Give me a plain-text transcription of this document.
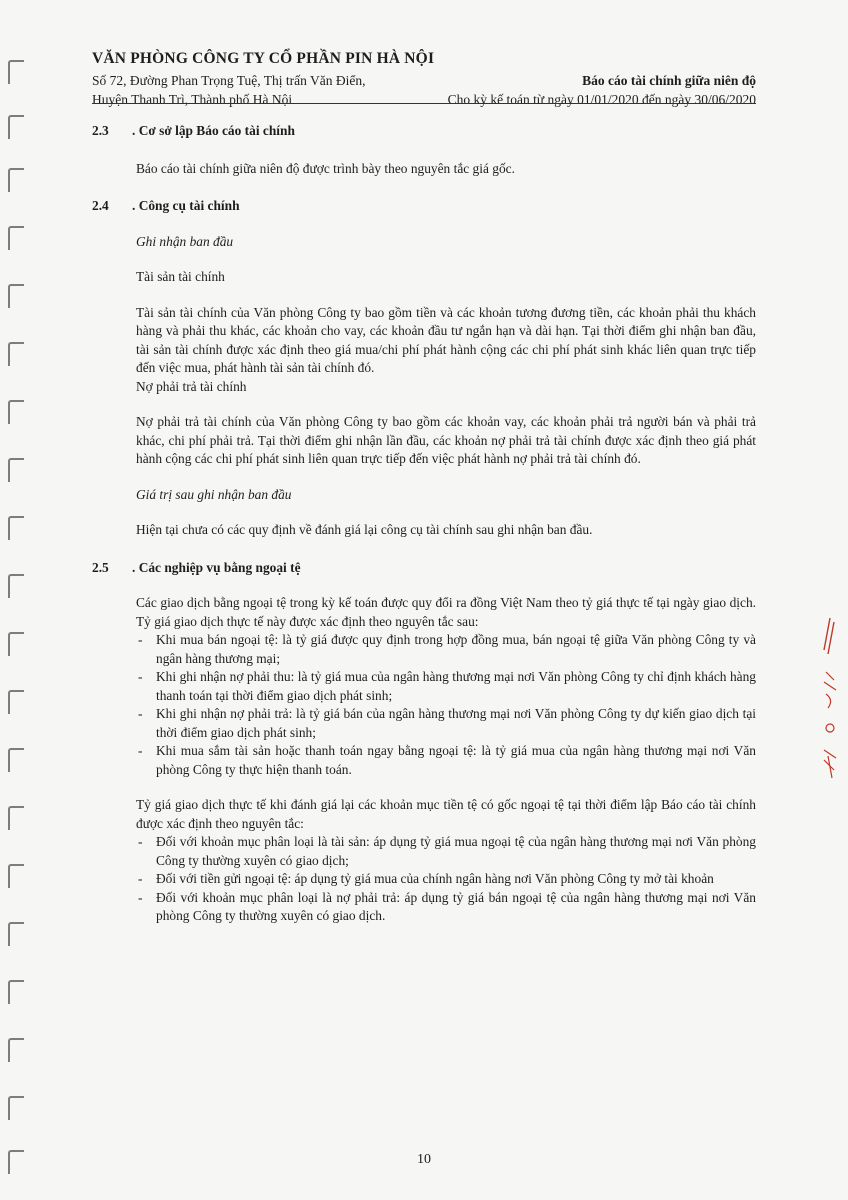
VĂN PHÒNG CÔNG TY CỔ PHẦN PIN HÀ NỘI
Số 72, Đường Phan Trọng Tuệ, Thị trấn Văn Điển,	Báo cáo tài chính giữa niên độ
Huyện Thanh Trì, Thành phố Hà Nội	Cho kỳ kế toán từ ngày 01/01/2020 đến ngày 30/06/2020
2.3	. Cơ sở lập Báo cáo tài chính
Báo cáo tài chính giữa niên độ được trình bày theo nguyên tắc giá gốc.
2.4	. Công cụ tài chính
Ghi nhận ban đầu
Tài sản tài chính
Tài sản tài chính của Văn phòng Công ty bao gồm tiền và các khoản tương đương tiền, các khoản phải thu khách hàng và phải thu khác, các khoản cho vay, các khoản đầu tư ngắn hạn và dài hạn. Tại thời điểm ghi nhận ban đầu, tài sản tài chính được xác định theo giá mua/chi phí phát hành cộng các chi phí phát sinh khác liên quan trực tiếp đến việc mua, phát hành tài sản tài chính đó.
Nợ phải trả tài chính
Nợ phải trả tài chính của Văn phòng Công ty bao gồm các khoản vay, các khoản phải trả người bán và phải trả khác, chi phí phải trả. Tại thời điểm ghi nhận lần đầu, các khoản nợ phải trả tài chính được xác định theo giá phát hành cộng các chi phí phát sinh liên quan trực tiếp đến việc phát hành nợ phải trả tài chính đó.
Giá trị sau ghi nhận ban đầu
Hiện tại chưa có các quy định về đánh giá lại công cụ tài chính sau ghi nhận ban đầu.
2.5	. Các nghiệp vụ bằng ngoại tệ
Các giao dịch bằng ngoại tệ trong kỳ kế toán được quy đổi ra đồng Việt Nam theo tỷ giá thực tế tại ngày giao dịch. Tỷ giá giao dịch thực tế này được xác định theo nguyên tắc sau:
- Khi mua bán ngoại tệ: là tỷ giá được quy định trong hợp đồng mua, bán ngoại tệ giữa Văn phòng Công ty và ngân hàng thương mại;
- Khi ghi nhận nợ phải thu: là tỷ giá mua của ngân hàng thương mại nơi Văn phòng Công ty chỉ định khách hàng thanh toán tại thời điểm giao dịch phát sinh;
- Khi ghi nhận nợ phải trả: là tỷ giá bán của ngân hàng thương mại nơi Văn phòng Công ty dự kiến giao dịch tại thời điểm giao dịch phát sinh;
- Khi mua sắm tài sản hoặc thanh toán ngay bằng ngoại tệ: là tỷ giá mua của ngân hàng thương mại nơi Văn phòng Công ty thực hiện thanh toán.
Tỷ giá giao dịch thực tế khi đánh giá lại các khoản mục tiền tệ có gốc ngoại tệ tại thời điểm lập Báo cáo tài chính được xác định theo nguyên tắc:
- Đối với khoản mục phân loại là tài sản: áp dụng tỷ giá mua ngoại tệ của ngân hàng thương mại nơi Văn phòng Công ty thường xuyên có giao dịch;
- Đối với tiền gửi ngoại tệ: áp dụng tỷ giá mua của chính ngân hàng nơi Văn phòng Công ty mở tài khoản
- Đối với khoản mục phân loại là nợ phải trả: áp dụng tỷ giá bán ngoại tệ của ngân hàng thương mại nơi Văn phòng Công ty thường xuyên có giao dịch.
10
